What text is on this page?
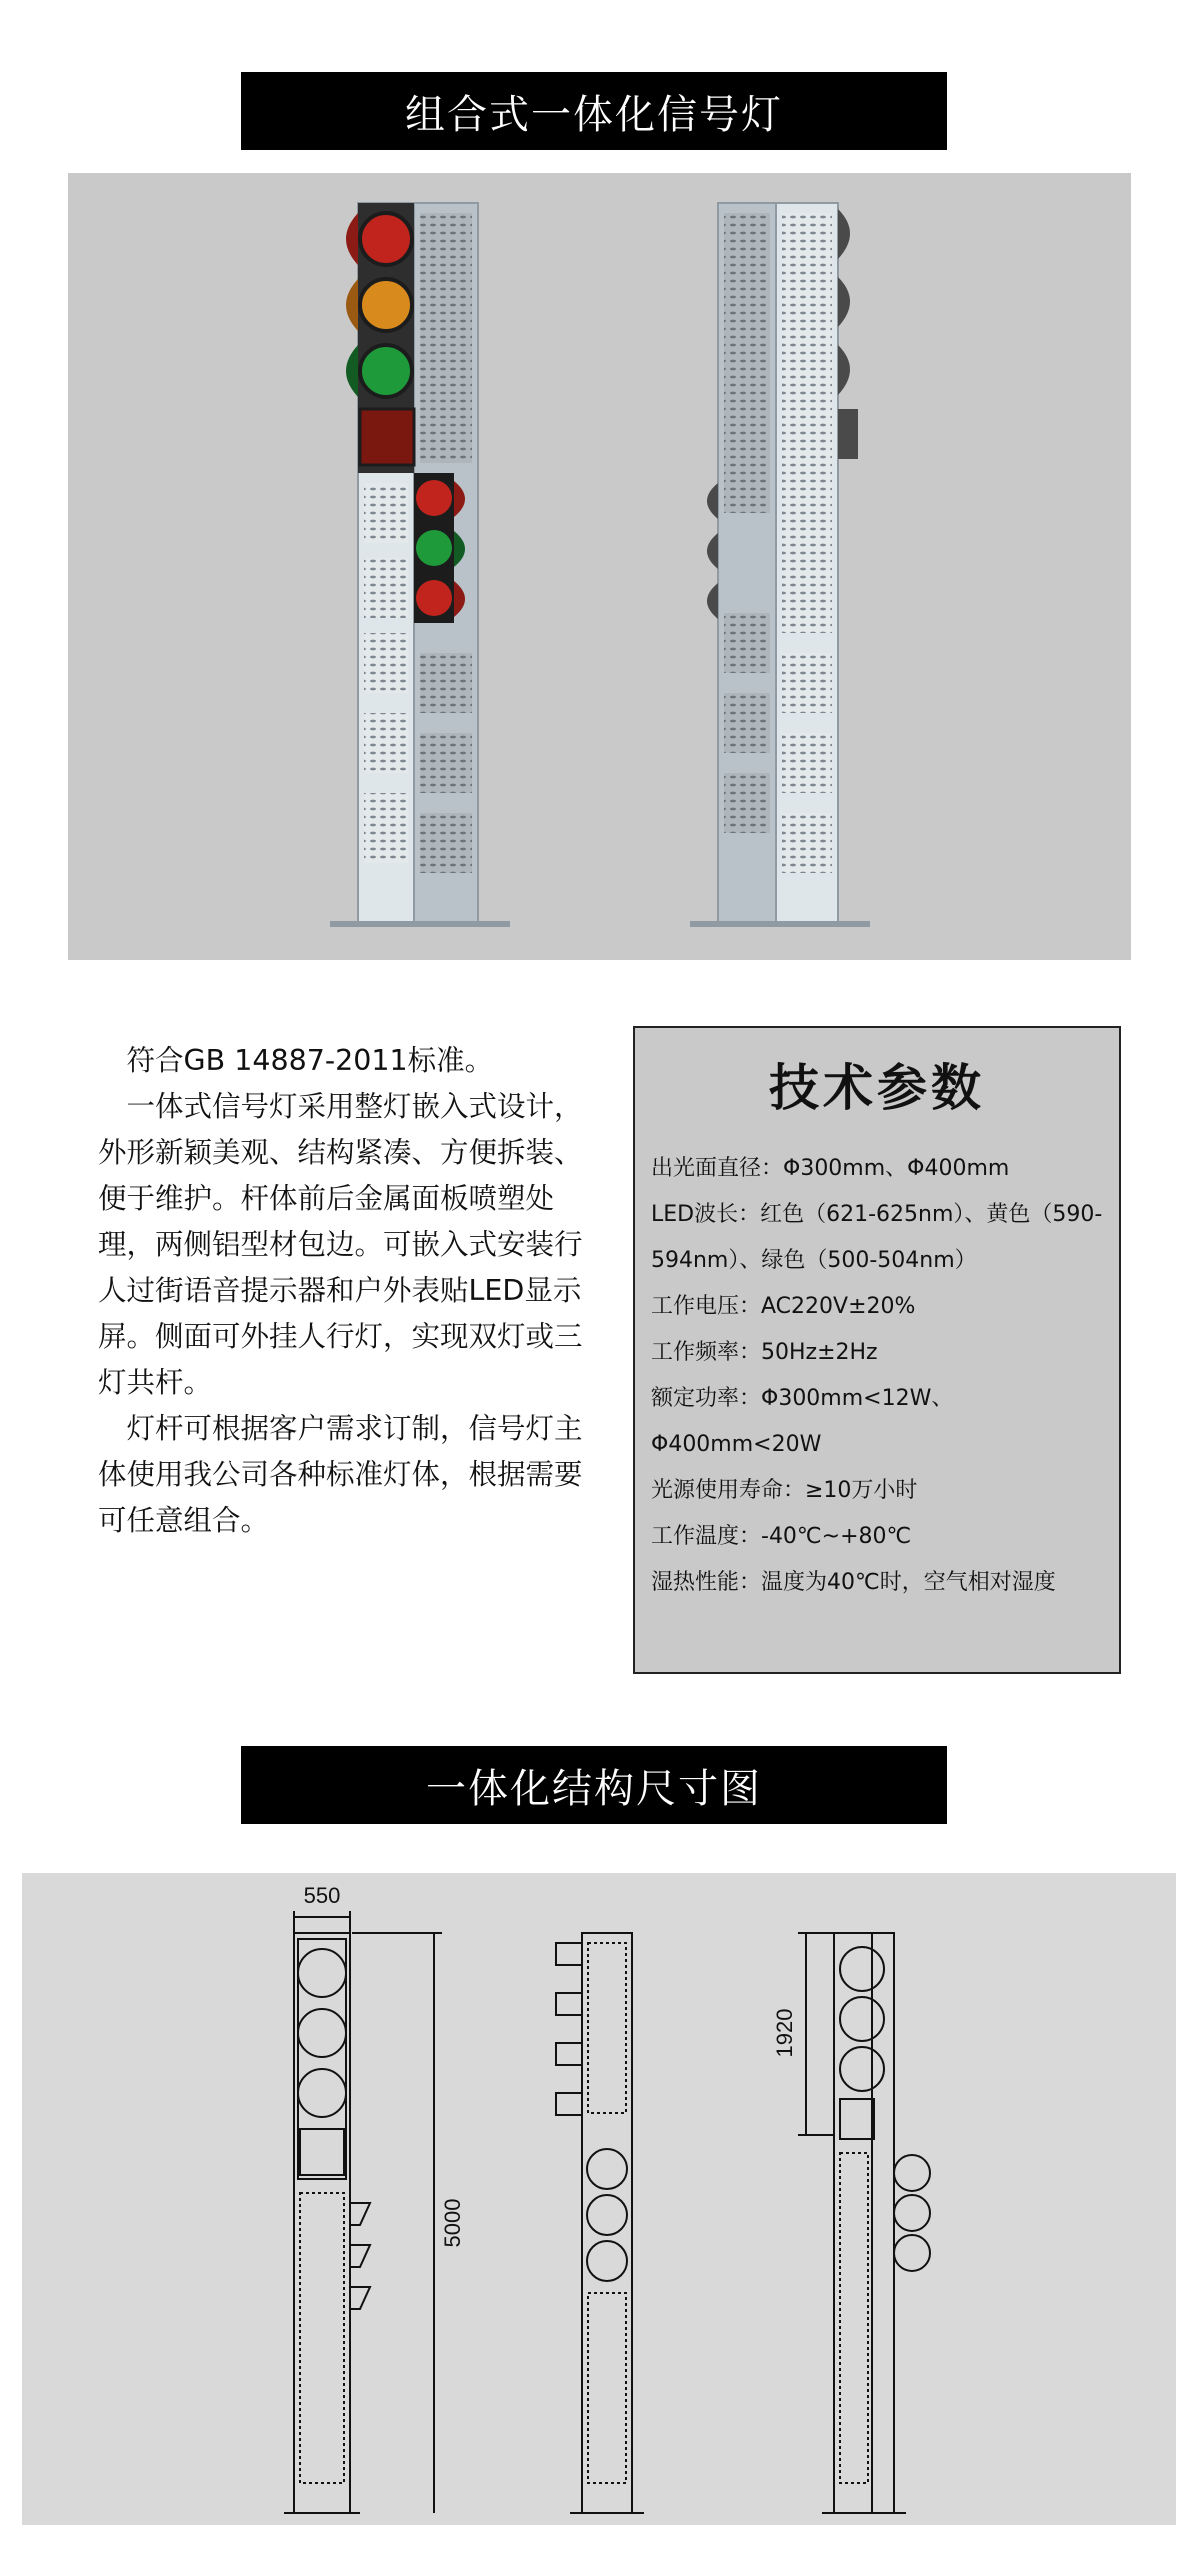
组合式一体化信号灯

符合GB 14887-2011标准。

一体式信号灯采用整灯嵌入式设计，外形新颖美观、结构紧凑、方便拆装、便于维护。杆体前后金属面板喷塑处理，两侧铝型材包边。可嵌入式安装行人过街语音提示器和户外表贴LED显示屏。侧面可外挂人行灯，实现双灯或三灯共杆。

灯杆可根据客户需求订制，信号灯主体使用我公司各种标准灯体，根据需要可任意组合。

技术参数
出光面直径：Φ300mm、Φ400mm
LED波长：红色（621-625nm）、黄色（590-594nm）、绿色（500-504nm）
工作电压：AC220V±20%
工作频率：50Hz±2Hz
额定功率：Φ300mm<12W、Φ400mm<20W
光源使用寿命：≥10万小时
工作温度：-40℃~+80℃
湿热性能：温度为40℃时，空气相对湿度
一体化结构尺寸图
550
5000
1920
